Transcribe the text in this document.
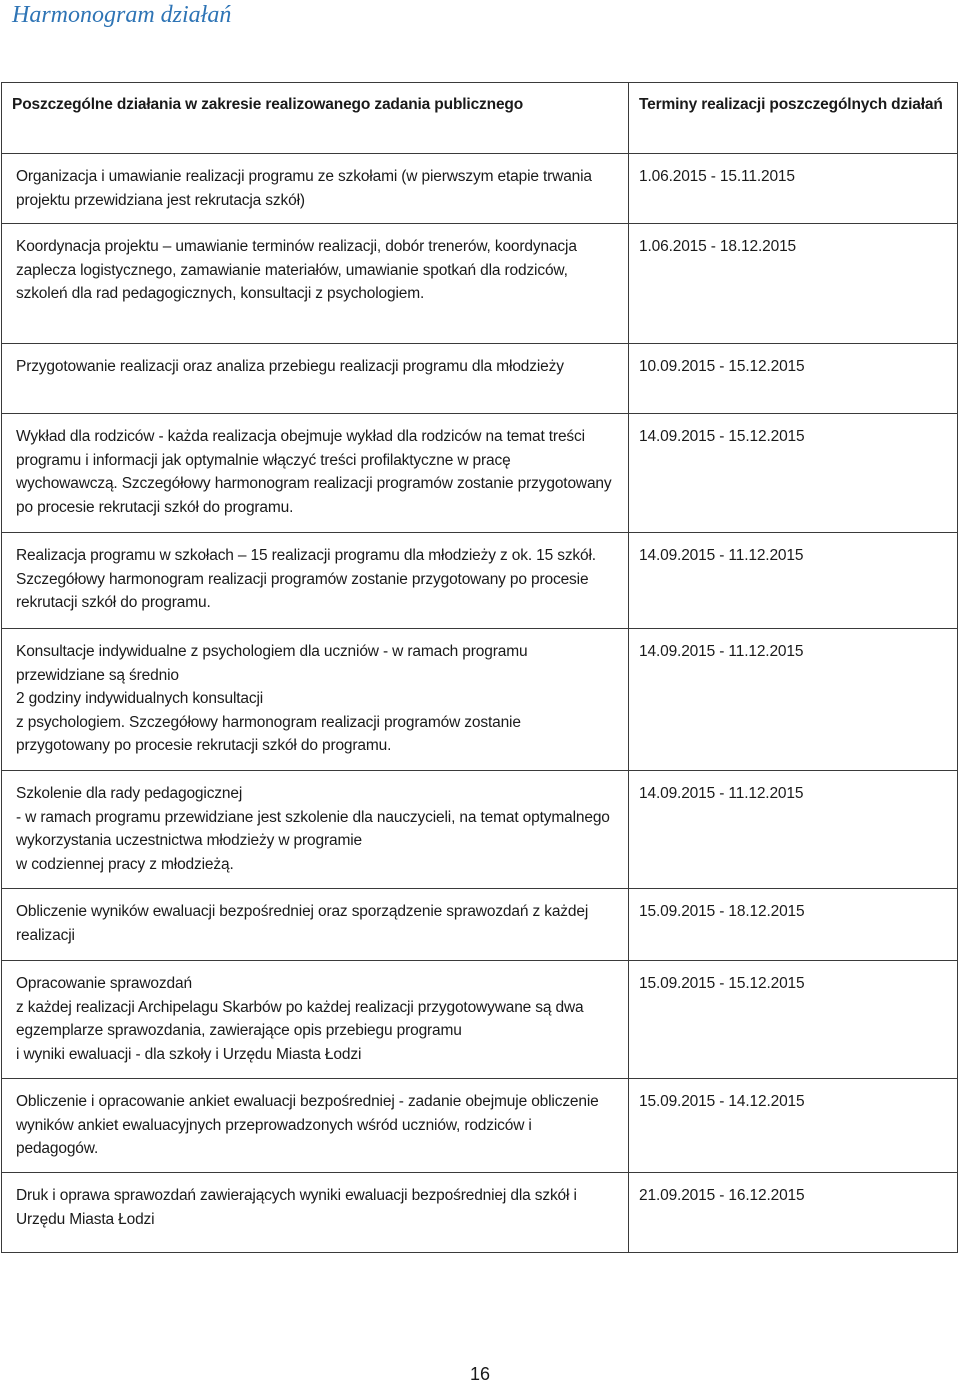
Harmonogram działań
Poszczególne działania w zakresie realizowanego zadania publicznego	Terminy realizacji poszczególnych działań

Organizacja i umawianie realizacji programu ze szkołami (w pierwszym etapie trwania projektu przewidziana jest rekrutacja szkół)	1.06.2015 - 15.11.2015

Koordynacja projektu – umawianie terminów realizacji, dobór trenerów, koordynacja zaplecza logistycznego, zamawianie materiałów, umawianie spotkań dla rodziców, szkoleń dla rad pedagogicznych, konsultacji z psychologiem.	1.06.2015 - 18.12.2015

Przygotowanie realizacji oraz analiza przebiegu realizacji programu dla młodzieży	10.09.2015 - 15.12.2015

Wykład dla rodziców - każda realizacja obejmuje wykład dla rodziców na temat treści programu i informacji jak optymalnie włączyć treści profilaktyczne w pracę wychowawczą. Szczegółowy harmonogram realizacji programów zostanie przygotowany po procesie rekrutacji szkół do programu.	14.09.2015 - 15.12.2015

Realizacja programu w szkołach – 15 realizacji programu dla młodzieży z ok. 15 szkół. Szczegółowy harmonogram realizacji programów zostanie przygotowany po procesie rekrutacji szkół do programu.	14.09.2015 - 11.12.2015

Konsultacje indywidualne z psychologiem dla uczniów - w ramach programu przewidziane są średnio
2 godziny indywidualnych konsultacji
z psychologiem. Szczegółowy harmonogram realizacji programów zostanie przygotowany po procesie rekrutacji szkół do programu.	14.09.2015 - 11.12.2015

Szkolenie dla rady pedagogicznej
- w ramach programu przewidziane jest szkolenie dla nauczycieli, na temat optymalnego wykorzystania uczestnictwa młodzieży w programie
w codziennej pracy z młodzieżą.	14.09.2015 - 11.12.2015

Obliczenie wyników ewaluacji bezpośredniej oraz sporządzenie sprawozdań z każdej realizacji	15.09.2015 - 18.12.2015

Opracowanie sprawozdań
z każdej realizacji Archipelagu Skarbów po każdej realizacji przygotowywane są dwa egzemplarze sprawozdania, zawierające opis przebiegu programu
i wyniki ewaluacji - dla szkoły i Urzędu Miasta Łodzi	15.09.2015 - 15.12.2015

Obliczenie i opracowanie ankiet ewaluacji bezpośredniej - zadanie obejmuje obliczenie wyników ankiet ewaluacyjnych przeprowadzonych wśród uczniów, rodziców i pedagogów.	15.09.2015 - 14.12.2015

Druk i oprawa sprawozdań zawierających wyniki ewaluacji bezpośredniej dla szkół i Urzędu Miasta Łodzi	21.09.2015 - 16.12.2015
16
